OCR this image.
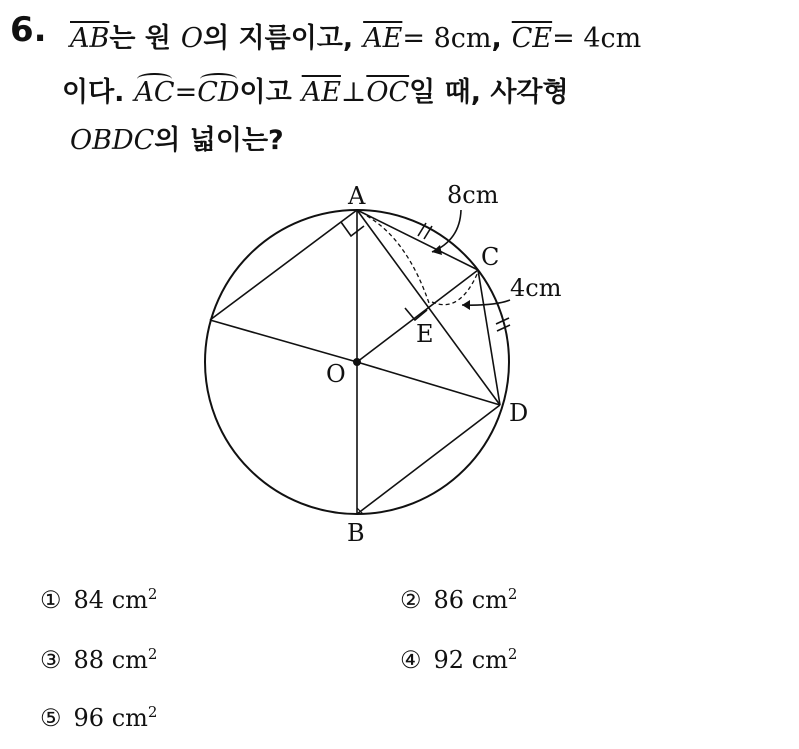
6. $\overline{AB}$는 원 O의 지름이고, $\overline{AE}= 8cm$, $\overline{CE}= 4cm$
이다. AC=CD이고 $\overline{AE}\perp\overline{OC}$일 때, 사각형
OBDC의 넓이는?
A
B
C
D
E
O
8cm
4cm
① 84 $cm^2$	② 86 $cm^2$
③ 88 $cm^2$	④ 92 $cm^2$
⑤ 96 $cm^2$
